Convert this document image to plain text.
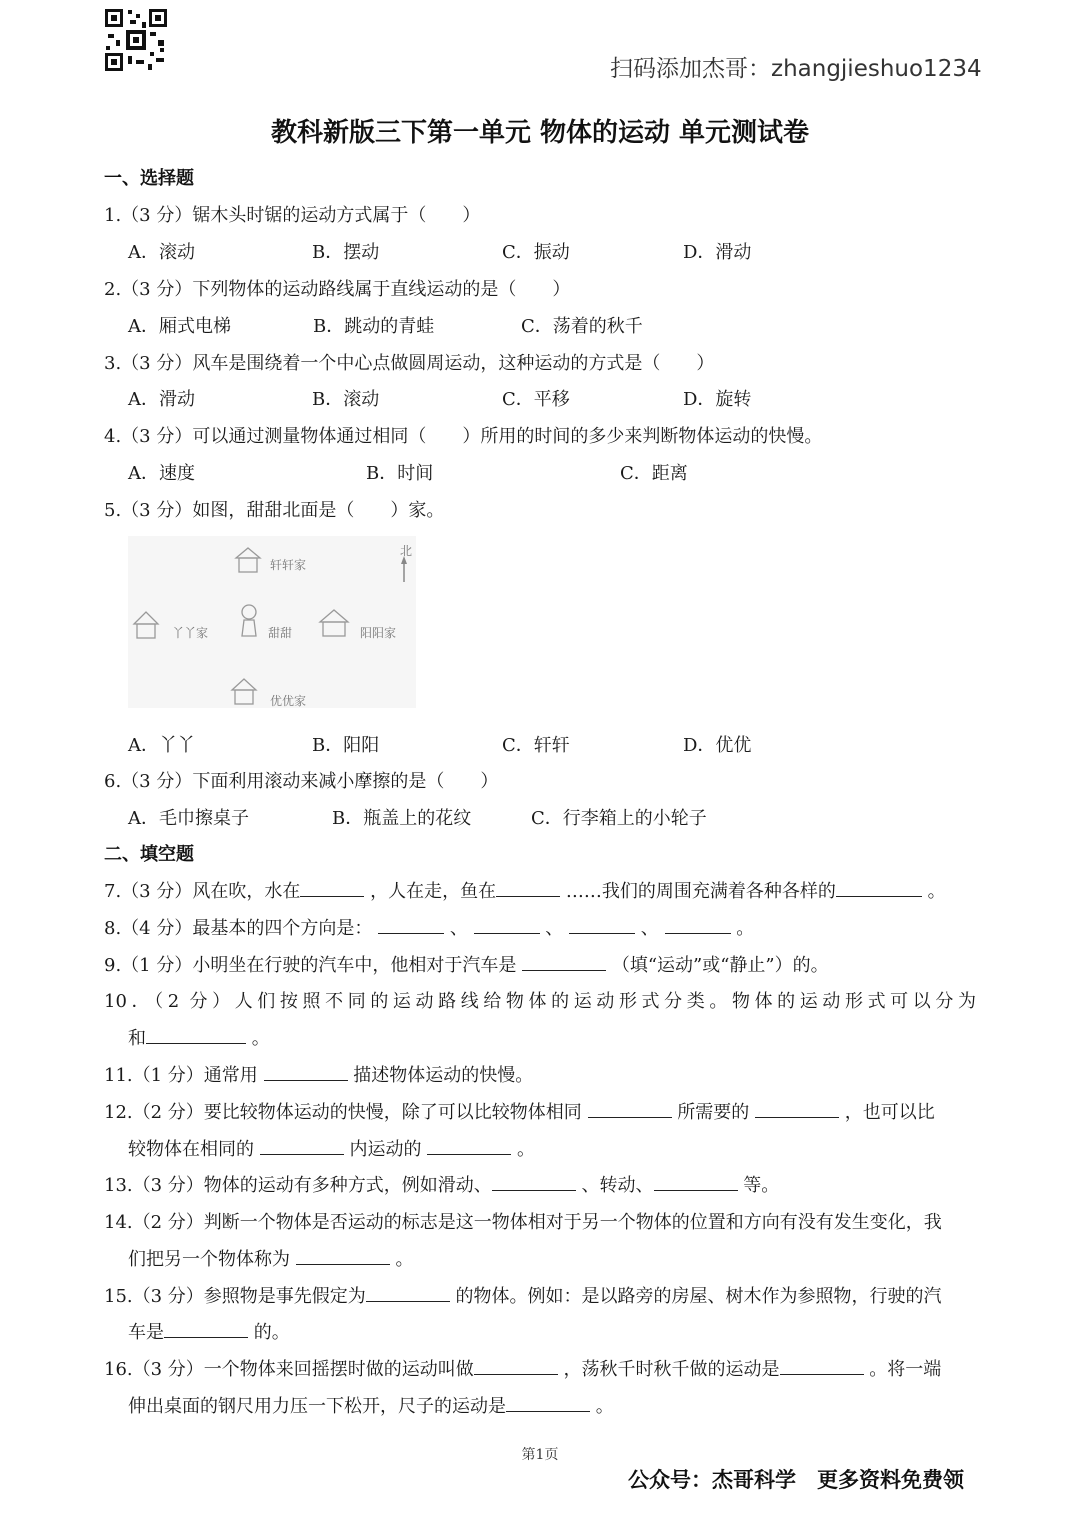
扫码添加杰哥：zhangjieshuo1234
教科新版三下第一单元 物体的运动 单元测试卷
一、选择题
1.（3 分）锯木头时锯的运动方式属于（　　）
A．滚动	B．摆动	C．振动	D．滑动
2.（3 分）下列物体的运动路线属于直线运动的是（　　）
A．厢式电梯	B．跳动的青蛙	C．荡着的秋千
3.（3 分）风车是围绕着一个中心点做圆周运动，这种运动的方式是（　　）
A．滑动	B．滚动	C．平移	D．旋转
4.（3 分）可以通过测量物体通过相同（　　）所用的时间的多少来判断物体运动的快慢。
A．速度	B．时间	C．距离
5.（3 分）如图，甜甜北面是（　　）家。
北
轩轩家
丫丫家	甜甜	阳阳家
优优家
A．丫丫	B．阳阳	C．轩轩	D．优优
6.（3 分）下面利用滚动来减小摩擦的是（　　）
A．毛巾擦桌子	B．瓶盖上的花纹	C．行李箱上的小轮子
二、填空题
7.（3 分）风在吹，水在	，人在走，鱼在	……我们的周围充满着各种各样的	。
8.（4 分）最基本的四个方向是：	、	、	、	。
9.（1 分）小明坐在行驶的汽车中，他相对于汽车是	（填“运动”或“静止”）的。
10．（2 分）人们按照不同的运动路线给物体的运动形式分类。物体的运动形式可以分为
和	。
11.（1 分）通常用	描述物体运动的快慢。
12.（2 分）要比较物体运动的快慢，除了可以比较物体相同	所需要的	，也可以比
较物体在相同的	内运动的	。
13.（3 分）物体的运动有多种方式，例如滑动、	、转动、	等。
14.（2 分）判断一个物体是否运动的标志是这一物体相对于另一个物体的位置和方向有没有发生变化，我
们把另一个物体称为	。
15.（3 分）参照物是事先假定为	的物体。例如：是以路旁的房屋、树木作为参照物，行驶的汽
车是	的。
16.（3 分）一个物体来回摇摆时做的运动叫做	，荡秋千时秋千做的运动是	。将一端
伸出桌面的钢尺用力压一下松开，尺子的运动是	。
第1页
公众号：杰哥科学　更多资料免费领
